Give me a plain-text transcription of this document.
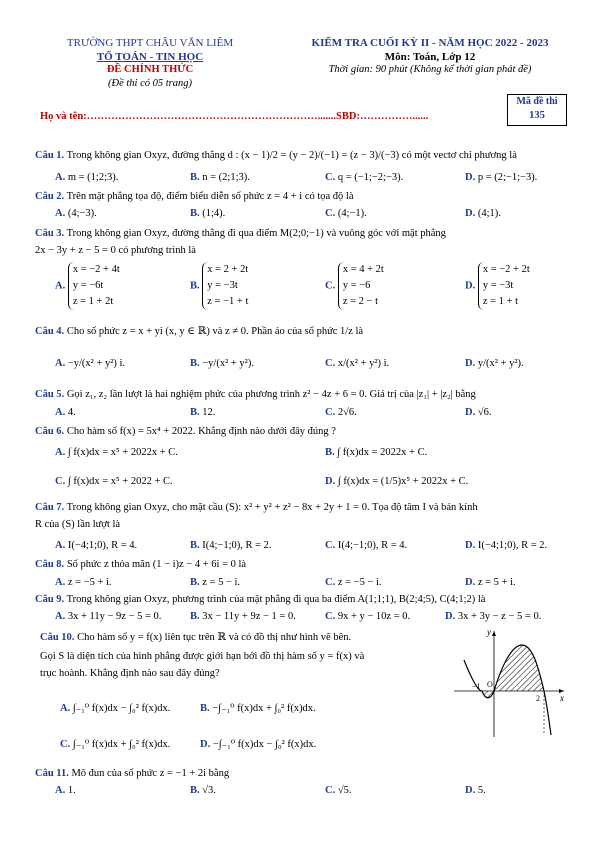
TRƯỜNG THPT CHÂU VĂN LIÊM
TỔ TOÁN - TIN HỌC
ĐỀ CHÍNH THỨC
(Đề thi có 05 trang)
KIỂM TRA CUỐI KỲ II - NĂM HỌC 2022 - 2023
Môn: Toán, Lớp 12
Thời gian: 90 phút (Không kể thời gian phát đề)
Họ và tên:………………………………………………………….......SBD:……………......
Mã đề thi
135
Câu 1. Trong không gian Oxyz, đường thẳng d : (x − 1)/2 = (y − 2)/(−1) = (z − 3)/(−3) có một vectơ chỉ phương là
A. m = (1;2;3).	B. n = (2;1;3).	C. q = (−1;−2;−3).	D. p = (2;−1;−3).
Câu 2. Trên mặt phẳng tọa độ, điểm biểu diễn số phức z = 4 + i có tọa độ là
A. (4;−3).	B. (1;4).	C. (4;−1).	D. (4;1).
Câu 3. Trong không gian Oxyz, đường thẳng đi qua điểm M(2;0;−1) và vuông góc với mặt phẳng
2x − 3y + z − 5 = 0 có phương trình là
A.
x = −2 + 4t
y = −6t
z = 1 + 2t
B.
x = 2 + 2t
y = −3t
z = −1 + t
C.
x = 4 + 2t
y = −6
z = 2 − t
D.
x = −2 + 2t
y = −3t
z = 1 + t
Câu 4. Cho số phức z = x + yi (x, y ∈ ℝ) và z ≠ 0. Phần ảo của số phức 1/z là
A. −y/(x² + y²) i.	B. −y/(x² + y²).	C. x/(x² + y²) i.	D. y/(x² + y²).
Câu 5. Gọi z₁, z₂ lần lượt là hai nghiệm phức của phương trình z² − 4z + 6 = 0. Giá trị của |z₁| + |z₂| bằng
A. 4.	B. 12.	C. 2√6.	D. √6.
Câu 6. Cho hàm số f(x) = 5x⁴ + 2022. Khẳng định nào dưới đây đúng ?
A. ∫ f(x)dx = x⁵ + 2022x + C.	B. ∫ f(x)dx = 2022x + C.
C. ∫ f(x)dx = x⁵ + 2022 + C.	D. ∫ f(x)dx = (1/5)x⁵ + 2022x + C.
Câu 7. Trong không gian Oxyz, cho mặt cầu (S): x² + y² + z² − 8x + 2y + 1 = 0. Tọa độ tâm I và bán kính
R của (S) lần lượt là
A. I(−4;1;0), R = 4.	B. I(4;−1;0), R = 2.	C. I(4;−1;0), R = 4.	D. I(−4;1;0), R = 2.
Câu 8. Số phức z thỏa mãn (1 − i)z − 4 + 6i = 0 là
A. z = −5 + i.	B. z = 5 − i.	C. z = −5 − i.	D. z = 5 + i.
Câu 9. Trong không gian Oxyz, phương trình của mặt phẳng đi qua ba điểm A(1;1;1), B(2;4;5), C(4;1;2) là
A. 3x + 11y − 9z − 5 = 0.	B. 3x − 11y + 9z − 1 = 0.	C. 9x + y − 10z = 0.	D. 3x + 3y − z − 5 = 0.
Câu 10. Cho hàm số y = f(x) liên tục trên ℝ và có đồ thị như hình vẽ bên.
Gọi S là diện tích của hình phẳng được giới hạn bởi đồ thị hàm số y = f(x) và
trục hoành. Khẳng định nào sau đây đúng?
A. ∫₋₁⁰ f(x)dx − ∫₀² f(x)dx.	B. −∫₋₁⁰ f(x)dx + ∫₀² f(x)dx.
C. ∫₋₁⁰ f(x)dx + ∫₀² f(x)dx.	D. −∫₋₁⁰ f(x)dx − ∫₀² f(x)dx.
y
x
O
−1
2
Câu 11. Mô đun của số phức z = −1 + 2i bằng
A. 1.	B. √3.	C. √5.	D. 5.
